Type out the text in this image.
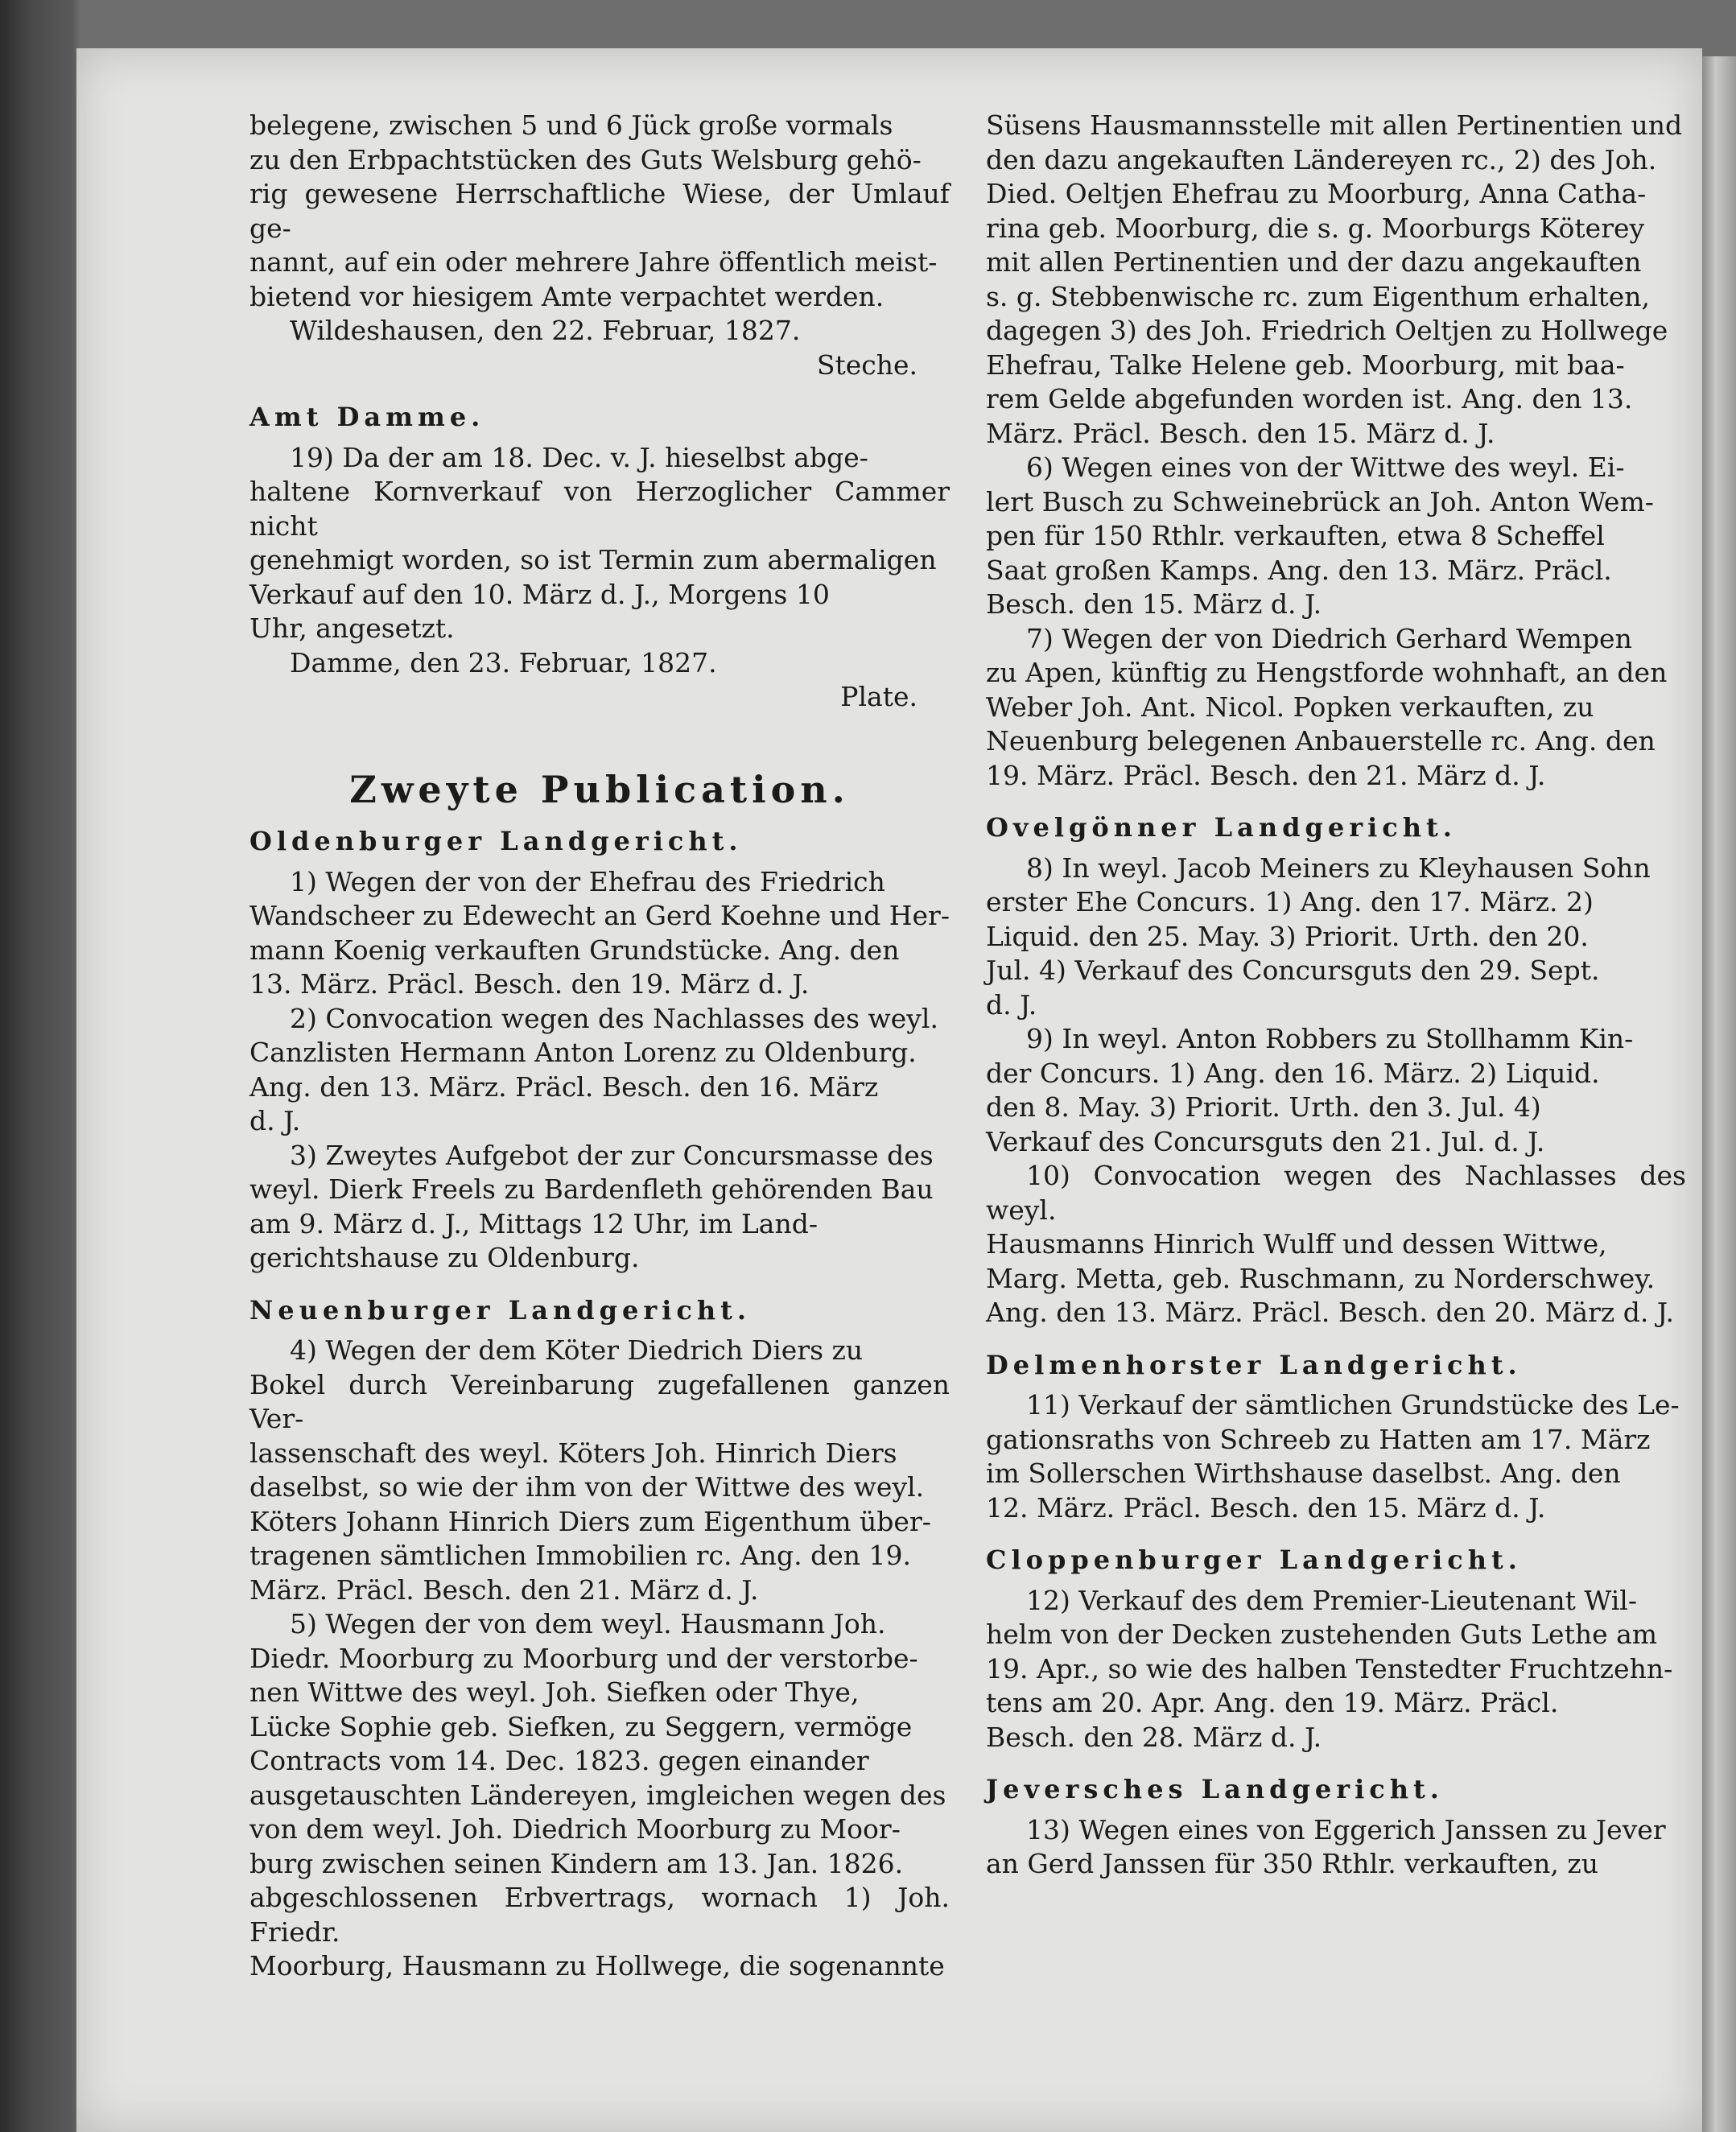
belegene, zwischen 5 und 6 Jück große vormals
zu den Erbpachtstücken des Guts Welsburg gehö-
rig gewesene Herrschaftliche Wiese, der Umlauf ge-
nannt, auf ein oder mehrere Jahre öffentlich meist-
bietend vor hiesigem Amte verpachtet werden.

Wildeshausen, den 22. Februar, 1827.

Steche.

Amt Damme.

19) Da der am 18. Dec. v. J. hieselbst abge-
haltene Kornverkauf von Herzoglicher Cammer nicht
genehmigt worden, so ist Termin zum abermaligen
Verkauf auf den 10. März d. J., Morgens 10
Uhr, angesetzt.

Damme, den 23. Februar, 1827.

Plate.

Zweyte Publication.
Oldenburger Landgericht.

1) Wegen der von der Ehefrau des Friedrich
Wandscheer zu Edewecht an Gerd Koehne und Her-
mann Koenig verkauften Grundstücke. Ang. den
13. März. Präcl. Besch. den 19. März d. J.

2) Convocation wegen des Nachlasses des weyl.
Canzlisten Hermann Anton Lorenz zu Oldenburg.
Ang. den 13. März. Präcl. Besch. den 16. März
d. J.

3) Zweytes Aufgebot der zur Concursmasse des
weyl. Dierk Freels zu Bardenfleth gehörenden Bau
am 9. März d. J., Mittags 12 Uhr, im Land-
gerichtshause zu Oldenburg.

Neuenburger Landgericht.

4) Wegen der dem Köter Diedrich Diers zu
Bokel durch Vereinbarung zugefallenen ganzen Ver-
lassenschaft des weyl. Köters Joh. Hinrich Diers
daselbst, so wie der ihm von der Wittwe des weyl.
Köters Johann Hinrich Diers zum Eigenthum über-
tragenen sämtlichen Immobilien rc. Ang. den 19.
März. Präcl. Besch. den 21. März d. J.

5) Wegen der von dem weyl. Hausmann Joh.
Diedr. Moorburg zu Moorburg und der verstorbe-
nen Wittwe des weyl. Joh. Siefken oder Thye,
Lücke Sophie geb. Siefken, zu Seggern, vermöge
Contracts vom 14. Dec. 1823. gegen einander
ausgetauschten Ländereyen, imgleichen wegen des
von dem weyl. Joh. Diedrich Moorburg zu Moor-
burg zwischen seinen Kindern am 13. Jan. 1826.
abgeschlossenen Erbvertrags, wornach 1) Joh. Friedr.
Moorburg, Hausmann zu Hollwege, die sogenannte

Süsens Hausmannsstelle mit allen Pertinentien und
den dazu angekauften Ländereyen rc., 2) des Joh.
Died. Oeltjen Ehefrau zu Moorburg, Anna Catha-
rina geb. Moorburg, die s. g. Moorburgs Köterey
mit allen Pertinentien und der dazu angekauften
s. g. Stebbenwische rc. zum Eigenthum erhalten,
dagegen 3) des Joh. Friedrich Oeltjen zu Hollwege
Ehefrau, Talke Helene geb. Moorburg, mit baa-
rem Gelde abgefunden worden ist. Ang. den 13.
März. Präcl. Besch. den 15. März d. J.

6) Wegen eines von der Wittwe des weyl. Ei-
lert Busch zu Schweinebrück an Joh. Anton Wem-
pen für 150 Rthlr. verkauften, etwa 8 Scheffel
Saat großen Kamps. Ang. den 13. März. Präcl.
Besch. den 15. März d. J.

7) Wegen der von Diedrich Gerhard Wempen
zu Apen, künftig zu Hengstforde wohnhaft, an den
Weber Joh. Ant. Nicol. Popken verkauften, zu
Neuenburg belegenen Anbauerstelle rc. Ang. den
19. März. Präcl. Besch. den 21. März d. J.

Ovelgönner Landgericht.

8) In weyl. Jacob Meiners zu Kleyhausen Sohn
erster Ehe Concurs. 1) Ang. den 17. März. 2)
Liquid. den 25. May. 3) Priorit. Urth. den 20.
Jul. 4) Verkauf des Concursguts den 29. Sept.
d. J.

9) In weyl. Anton Robbers zu Stollhamm Kin-
der Concurs. 1) Ang. den 16. März. 2) Liquid.
den 8. May. 3) Priorit. Urth. den 3. Jul. 4)
Verkauf des Concursguts den 21. Jul. d. J.

10) Convocation wegen des Nachlasses des weyl.
Hausmanns Hinrich Wulff und dessen Wittwe,
Marg. Metta, geb. Ruschmann, zu Norderschwey.
Ang. den 13. März. Präcl. Besch. den 20. März d. J.

Delmenhorster Landgericht.

11) Verkauf der sämtlichen Grundstücke des Le-
gationsraths von Schreeb zu Hatten am 17. März
im Sollerschen Wirthshause daselbst. Ang. den
12. März. Präcl. Besch. den 15. März d. J.

Cloppenburger Landgericht.

12) Verkauf des dem Premier-Lieutenant Wil-
helm von der Decken zustehenden Guts Lethe am
19. Apr., so wie des halben Tenstedter Fruchtzehn-
tens am 20. Apr. Ang. den 19. März. Präcl.
Besch. den 28. März d. J.

Jeversches Landgericht.

13) Wegen eines von Eggerich Janssen zu Jever
an Gerd Janssen für 350 Rthlr. verkauften, zu
